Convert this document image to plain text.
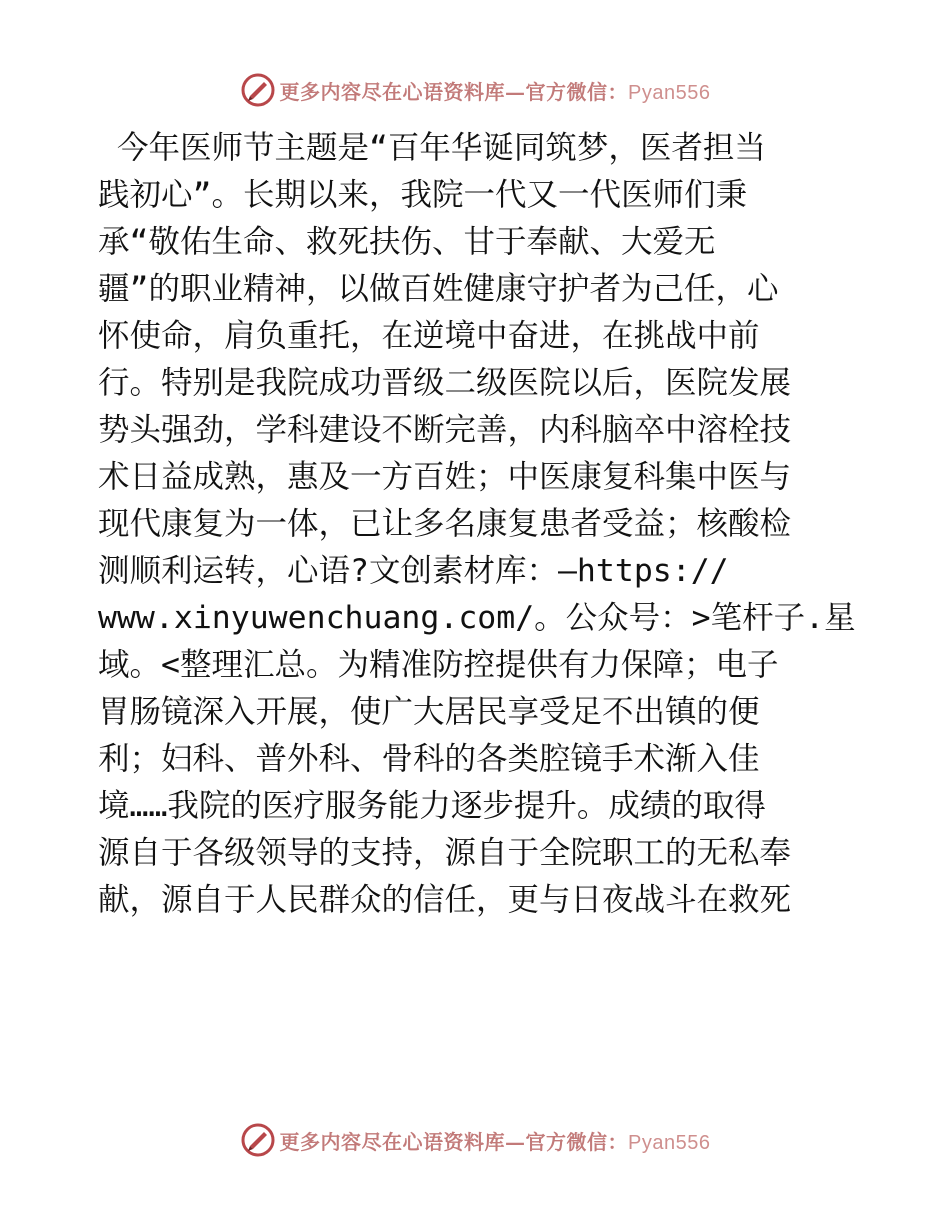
更多内容尽在心语资料库—官方微信：Pyan556
今年医师节主题是“百年华诞同筑梦，医者担当
践初心”。长期以来，我院一代又一代医师们秉
承“敬佑生命、救死扶伤、甘于奉献、大爱无
疆”的职业精神，以做百姓健康守护者为己任，心
怀使命，肩负重托，在逆境中奋进，在挑战中前
行。特别是我院成功晋级二级医院以后，医院发展
势头强劲，学科建设不断完善，内科脑卒中溶栓技
术日益成熟，惠及一方百姓；中医康复科集中医与
现代康复为一体，已让多名康复患者受益；核酸检
测顺利运转，心语?文创素材库：—https://
www.xinyuwenchuang.com/。公众号：>笔杆子.星
域。<整理汇总。为精准防控提供有力保障；电子
胃肠镜深入开展，使广大居民享受足不出镇的便
利；妇科、普外科、骨科的各类腔镜手术渐入佳
境……我院的医疗服务能力逐步提升。成绩的取得
源自于各级领导的支持，源自于全院职工的无私奉
献，源自于人民群众的信任，更与日夜战斗在救死
更多内容尽在心语资料库—官方微信：Pyan556
